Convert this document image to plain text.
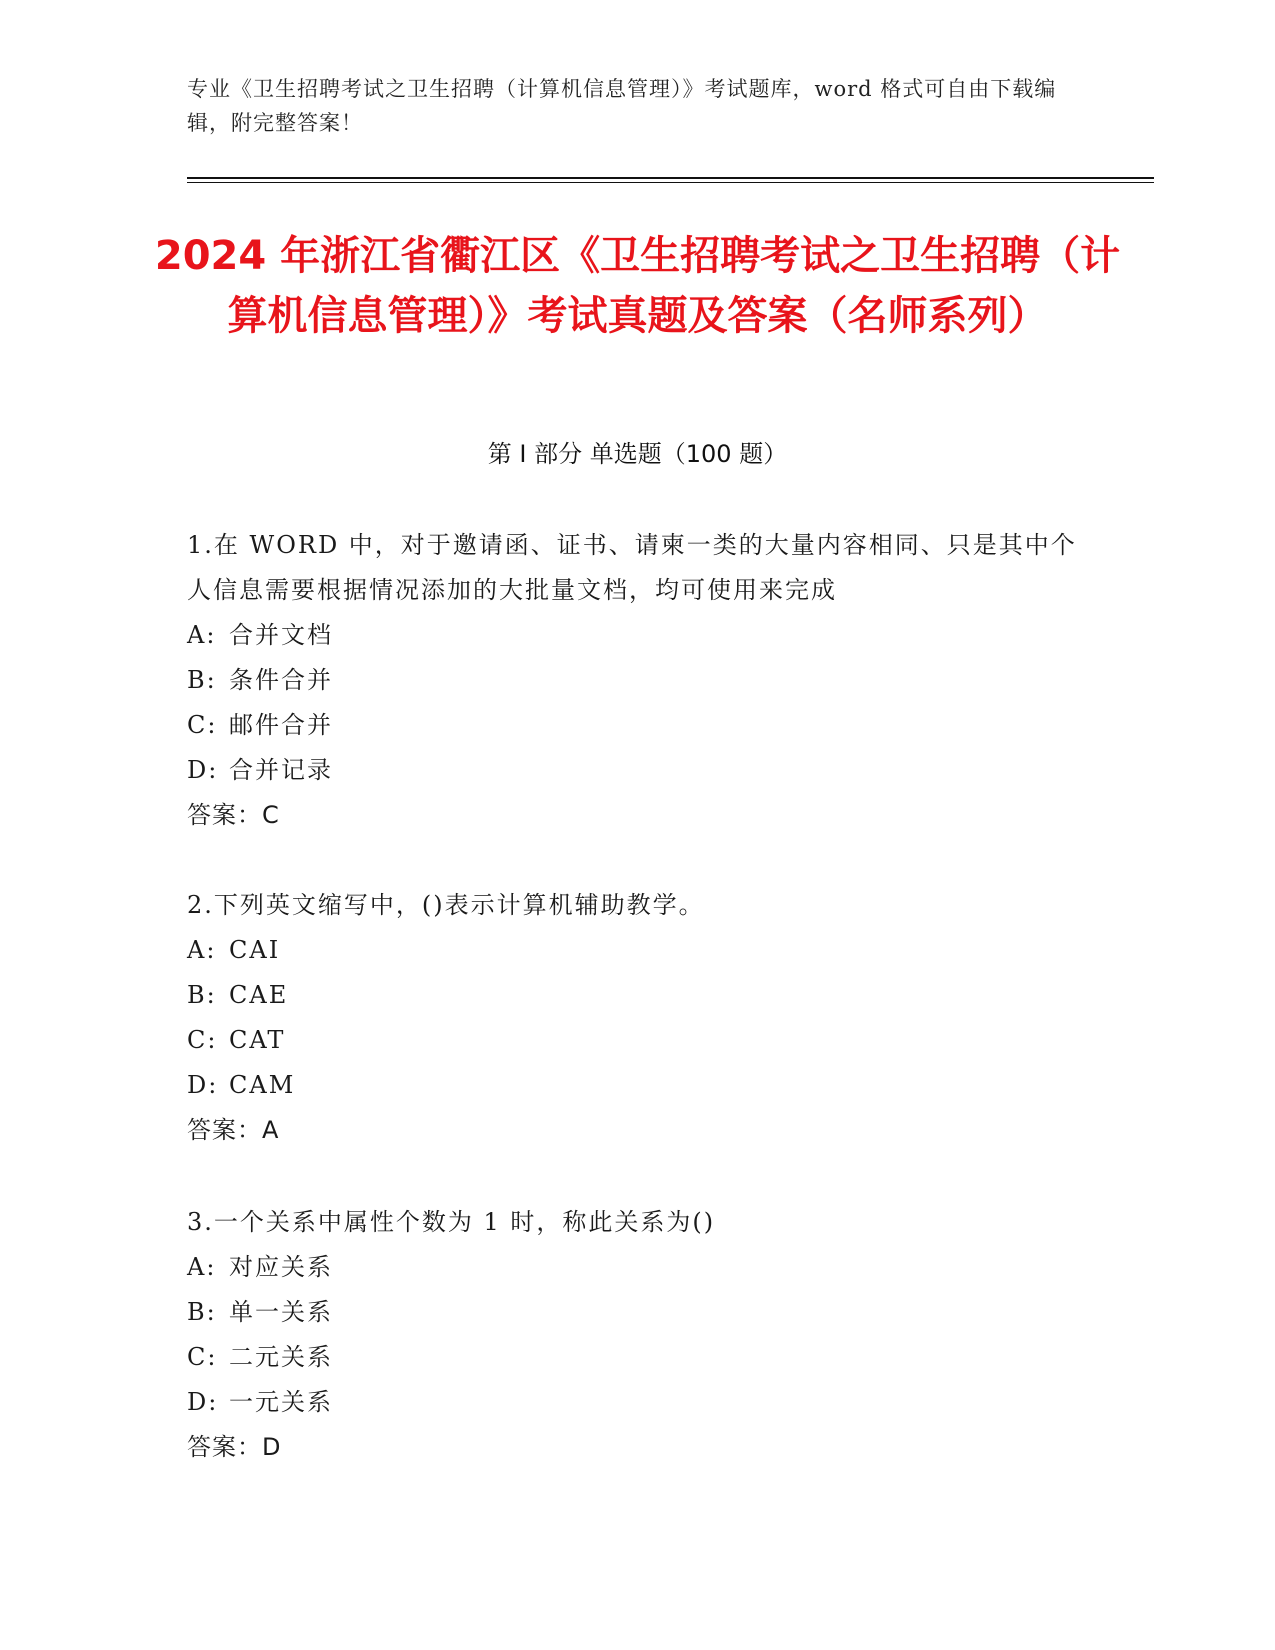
专业《卫生招聘考试之卫生招聘（计算机信息管理）》考试题库，word 格式可自由下载编辑，附完整答案！
2024 年浙江省衢江区《卫生招聘考试之卫生招聘（计算机信息管理）》考试真题及答案（名师系列）
第 I 部分 单选题（100 题）
1.在 WORD 中，对于邀请函、证书、请柬一类的大量内容相同、只是其中个人信息需要根据情况添加的大批量文档，均可使用来完成
A: 合并文档
B: 条件合并
C: 邮件合并
D: 合并记录
答案：C
2.下列英文缩写中，()表示计算机辅助教学。
A: CAI
B: CAE
C: CAT
D: CAM
答案：A
3.一个关系中属性个数为 1 时，称此关系为()
A: 对应关系
B: 单一关系
C: 二元关系
D: 一元关系
答案：D
